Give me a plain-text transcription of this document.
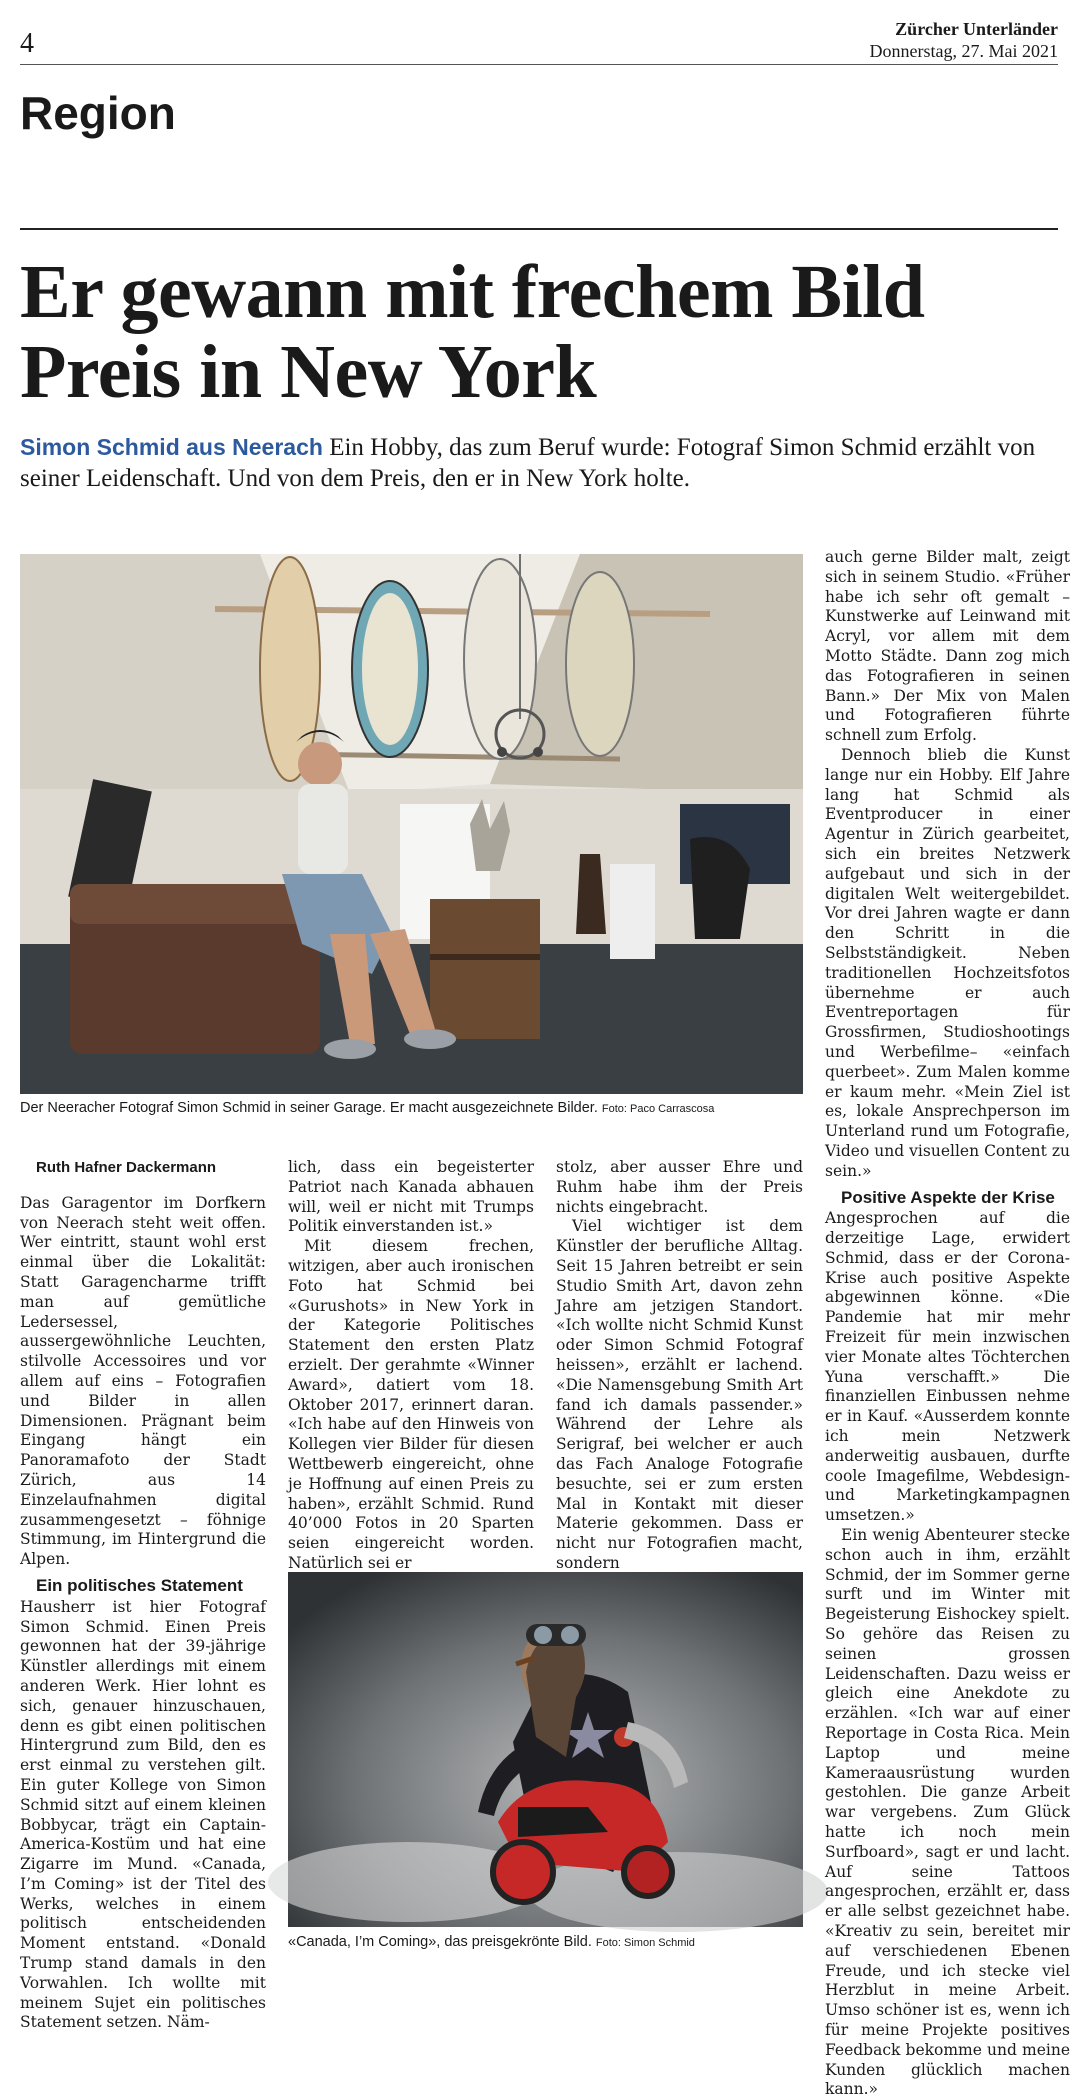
4	Zürcher Unterländer
Donnerstag, 27. Mai 2021
Region
Er gewann mit frechem Bild Preis in New York
Simon Schmid aus Neerach Ein Hobby, das zum Beruf wurde: Fotograf Simon Schmid erzählt von seiner Leidenschaft. Und von dem Preis, den er in New York holte.
Der Neeracher Fotograf Simon Schmid in seiner Garage. Er macht ausgezeichnete Bilder. Foto: Paco Carrascosa
«Canada, I’m Coming», das preisgekrönte Bild. Foto: Simon Schmid

Ruth Hafner Dackermann

Das Garagentor im Dorfkern von Neerach steht weit offen. Wer eintritt, staunt wohl erst einmal über die Lokalität: Statt Garagencharme trifft man auf gemütliche Ledersessel, aussergewöhnliche Leuchten, stilvolle Accessoires und vor allem auf eins – Fotografien und Bilder in allen Dimensionen. Prägnant beim Eingang hängt ein Panoramafoto der Stadt Zürich, aus 14 Einzelaufnahmen digital zusammengesetzt – föhnige Stimmung, im Hintergrund die Alpen.

Ein politisches Statement

Hausherr ist hier Fotograf Simon Schmid. Einen Preis gewonnen hat der 39-jährige Künstler allerdings mit einem anderen Werk. Hier lohnt es sich, genauer hinzuschauen, denn es gibt einen politischen Hintergrund zum Bild, den es erst einmal zu verstehen gilt. Ein guter Kollege von Simon Schmid sitzt auf einem kleinen Bobbycar, trägt ein Captain-America-Kostüm und hat eine Zigarre im Mund. «Canada, I’m Coming» ist der Titel des Werks, welches in einem politisch entscheidenden Moment entstand. «Donald Trump stand damals in den Vorwahlen. Ich wollte mit meinem Sujet ein politisches Statement setzen. Näm-

lich, dass ein begeisterter Patriot nach Kanada abhauen will, weil er nicht mit Trumps Politik einverstanden ist.»

Mit diesem frechen, witzigen, aber auch ironischen Foto hat Schmid bei «Gurushots» in New York in der Kategorie Politisches Statement den ersten Platz erzielt. Der gerahmte «Winner Award», datiert vom 18. Oktober 2017, erinnert daran. «Ich habe auf den Hinweis von Kollegen vier Bilder für diesen Wettbewerb eingereicht, ohne je Hoffnung auf einen Preis zu haben», erzählt Schmid. Rund 40’000 Fotos in 20 Sparten seien eingereicht worden. Natürlich sei er

stolz, aber ausser Ehre und Ruhm habe ihm der Preis nichts eingebracht.

Viel wichtiger ist dem Künstler der berufliche Alltag. Seit 15 Jahren betreibt er sein Studio Smith Art, davon zehn Jahre am jetzigen Standort. «Ich wollte nicht Schmid Kunst oder Simon Schmid Fotograf heissen», erzählt er lachend. «Die Namensgebung Smith Art fand ich damals passender.» Während der Lehre als Serigraf, bei welcher er auch das Fach Analoge Fotografie besuchte, sei er zum ersten Mal in Kontakt mit dieser Materie gekommen. Dass er nicht nur Fotografien macht, sondern

auch gerne Bilder malt, zeigt sich in seinem Studio. «Früher habe ich sehr oft gemalt – Kunstwerke auf Leinwand mit Acryl, vor allem mit dem Motto Städte. Dann zog mich das Fotografieren in seinen Bann.» Der Mix von Malen und Fotografieren führte schnell zum Erfolg.

Dennoch blieb die Kunst lange nur ein Hobby. Elf Jahre lang hat Schmid als Eventproducer in einer Agentur in Zürich gearbeitet, sich ein breites Netzwerk aufgebaut und sich in der digitalen Welt weitergebildet. Vor drei Jahren wagte er dann den Schritt in die Selbstständigkeit. Neben traditionellen Hochzeitsfotos übernehme er auch Eventreportagen für Grossfirmen, Studioshootings und Werbefilme– «einfach querbeet». Zum Malen komme er kaum mehr. «Mein Ziel ist es, lokale Ansprechperson im Unterland rund um Fotografie, Video und visuellen Content zu sein.»

Positive Aspekte der Krise

Angesprochen auf die derzeitige Lage, erwidert Schmid, dass er der Corona-Krise auch positive Aspekte abgewinnen könne. «Die Pandemie hat mir mehr Freizeit für mein inzwischen vier Monate altes Töchterchen Yuna verschafft.» Die finanziellen Einbussen nehme er in Kauf. «Ausserdem konnte ich mein Netzwerk anderweitig ausbauen, durfte coole Imagefilme, Webdesign- und Marketingkampagnen umsetzen.»

Ein wenig Abenteurer stecke schon auch in ihm, erzählt Schmid, der im Sommer gerne surft und im Winter mit Begeisterung Eishockey spielt. So gehöre das Reisen zu seinen grossen Leidenschaften. Dazu weiss er gleich eine Anekdote zu erzählen. «Ich war auf einer Reportage in Costa Rica. Mein Laptop und meine Kameraausrüstung wurden gestohlen. Die ganze Arbeit war vergebens. Zum Glück hatte ich noch mein Surfboard», sagt er und lacht. Auf seine Tattoos angesprochen, erzählt er, dass er alle selbst gezeichnet habe. «Kreativ zu sein, bereitet mir auf verschiedenen Ebenen Freude, und ich stecke viel Herzblut in meine Arbeit. Umso schöner ist es, wenn ich für meine Projekte positives Feedback bekomme und meine Kunden glücklich machen kann.»
